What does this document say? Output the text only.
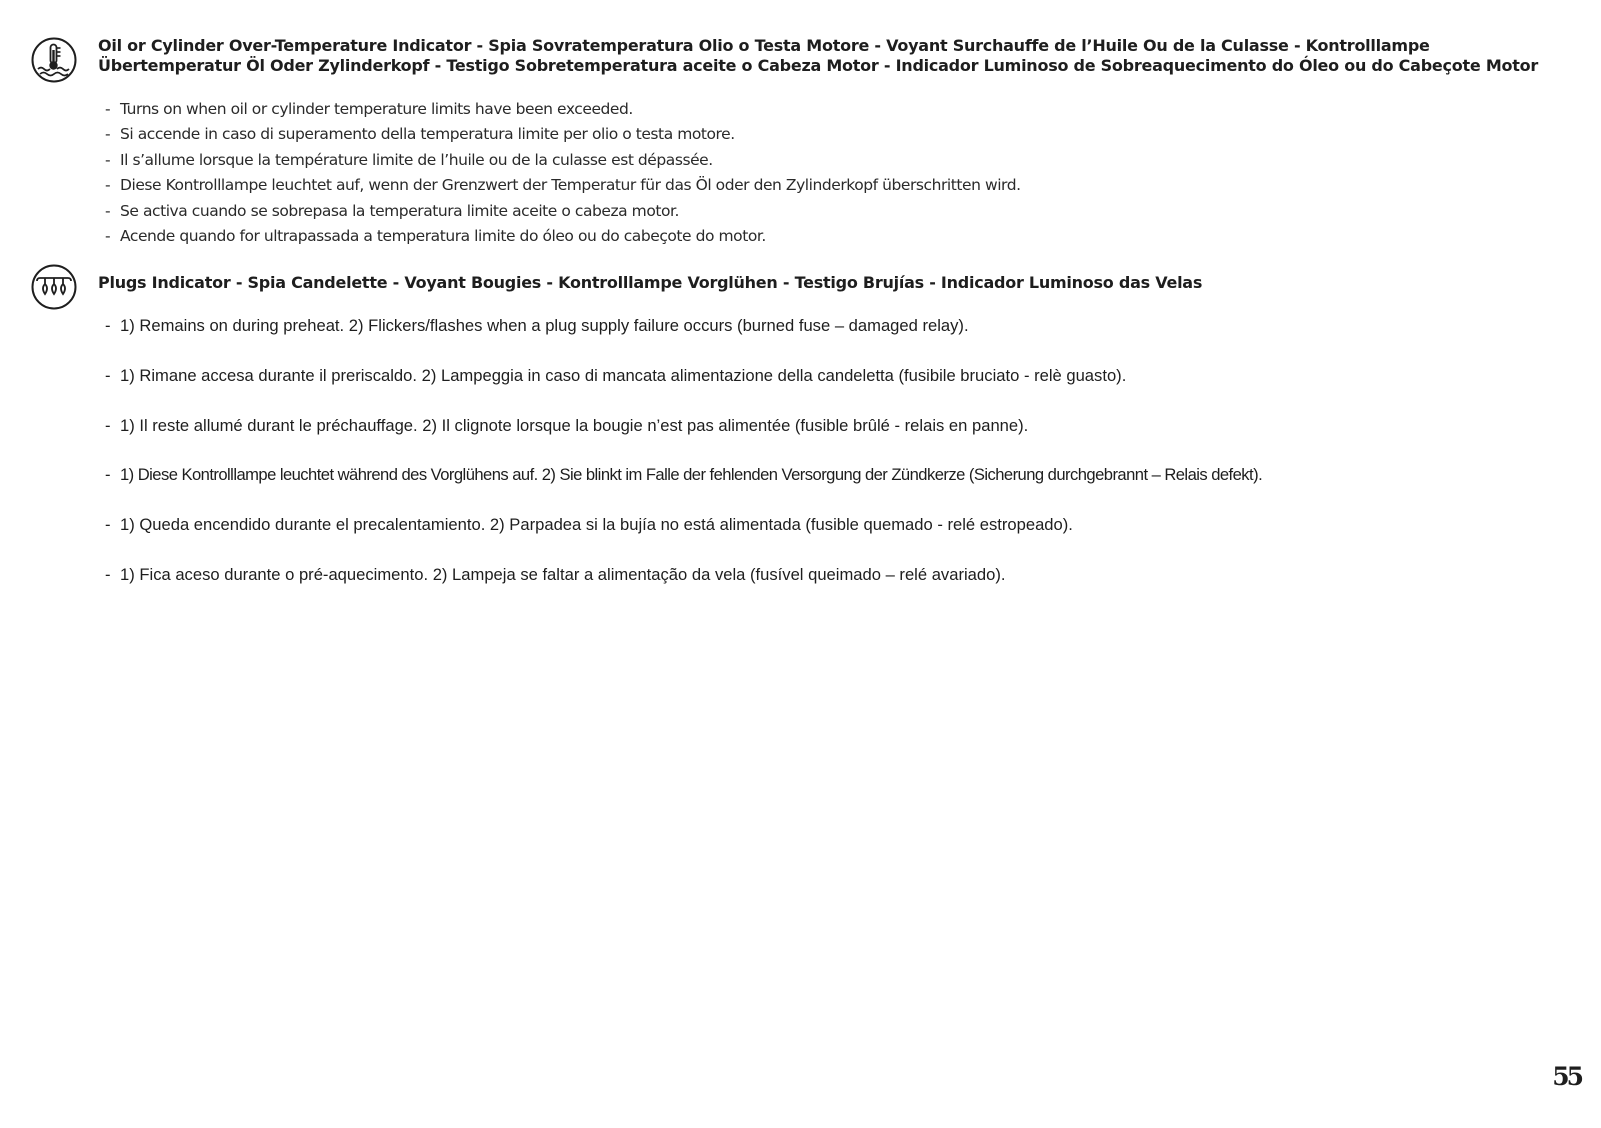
Oil or Cylinder Over-Temperature Indicator - Spia Sovratemperatura Olio o Testa Motore - Voyant Surchauffe de l’Huile Ou de la Culasse - Kontrolllampe
Übertemperatur Öl Oder Zylinderkopf - Testigo Sobretemperatura aceite o Cabeza Motor - Indicador Luminoso de Sobreaquecimento do Óleo ou do Cabeçote Motor
- Turns on when oil or cylinder temperature limits have been exceeded.
- Si accende in caso di superamento della temperatura limite per olio o testa motore.
- Il s’allume lorsque la température limite de l’huile ou de la culasse est dépassée.
- Diese Kontrolllampe leuchtet auf, wenn der Grenzwert der Temperatur für das Öl oder den Zylinderkopf überschritten wird.
- Se activa cuando se sobrepasa la temperatura limite aceite o cabeza motor.
- Acende quando for ultrapassada a temperatura limite do óleo ou do cabeçote do motor.
Plugs Indicator - Spia Candelette - Voyant Bougies - Kontrolllampe Vorglühen - Testigo Brujías - Indicador Luminoso das Velas
- 1) Remains on during preheat. 2) Flickers/flashes when a plug supply failure occurs (burned fuse – damaged relay).
- 1) Rimane accesa durante il preriscaldo. 2) Lampeggia in caso di mancata alimentazione della candeletta (fusibile bruciato - relè guasto).
- 1) Il reste allumé durant le préchauffage. 2) Il clignote lorsque la bougie n’est pas alimentée (fusible brûlé - relais en panne).
- 1) Diese Kontrolllampe leuchtet während des Vorglühens auf. 2) Sie blinkt im Falle der fehlenden Versorgung der Zündkerze (Sicherung durchgebrannt – Relais defekt).
- 1) Queda encendido durante el precalentamiento. 2) Parpadea si la bujía no está alimentada (fusible quemado - relé estropeado).
- 1) Fica aceso durante o pré-aquecimento. 2) Lampeja se faltar a alimentação da vela (fusível queimado – relé avariado).
55
